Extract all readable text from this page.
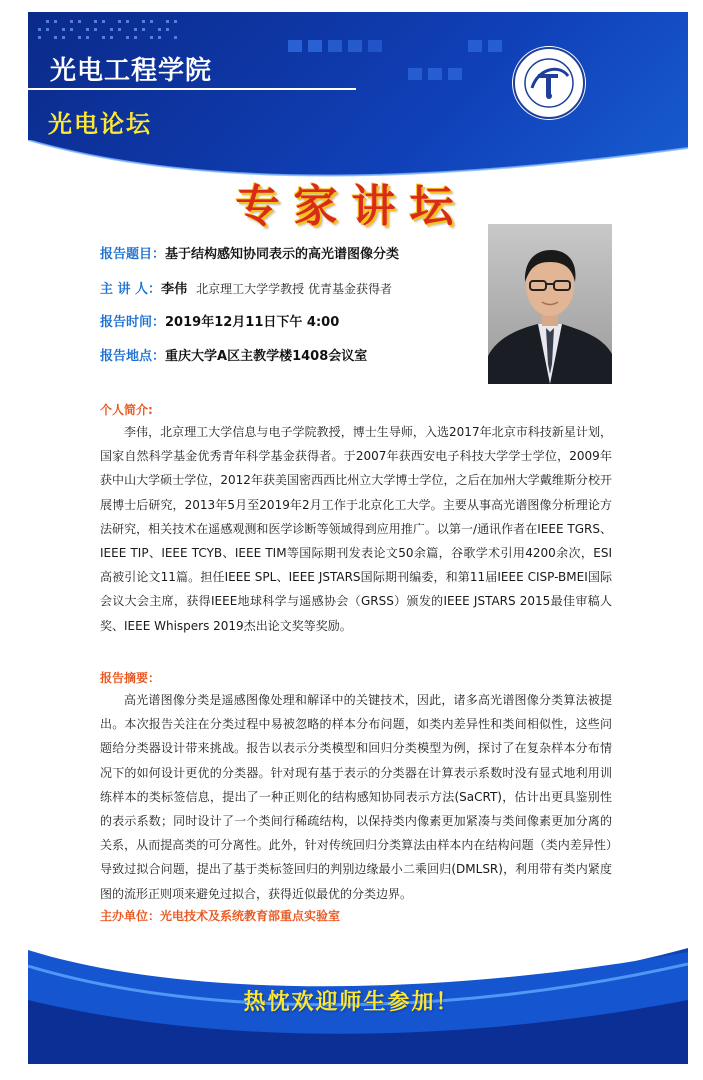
光电工程学院
光电论坛
专家讲坛
报告题目：基于结构感知协同表示的高光谱图像分类
主 讲 人：李伟 北京理工大学学教授 优青基金获得者
报告时间：2019年12月11日下午 4:00
报告地点：重庆大学A区主教学楼1408会议室
个人简介:

李伟，北京理工大学信息与电子学院教授，博士生导师，入选2017年北京市科技新星计划，国家自然科学基金优秀青年科学基金获得者。于2007年获西安电子科技大学学士学位，2009年获中山大学硕士学位，2012年获美国密西西比州立大学博士学位，之后在加州大学戴维斯分校开展博士后研究，2013年5月至2019年2月工作于北京化工大学。主要从事高光谱图像分析理论方法研究，相关技术在遥感观测和医学诊断等领域得到应用推广。以第一/通讯作者在IEEE TGRS、IEEE TIP、IEEE TCYB、IEEE TIM等国际期刊发表论文50余篇，谷歌学术引用4200余次，ESI高被引论文11篇。担任IEEE SPL、IEEE JSTARS国际期刊编委，和第11届IEEE CISP-BMEI国际会议大会主席，获得IEEE地球科学与遥感协会（GRSS）颁发的IEEE JSTARS 2015最佳审稿人奖、IEEE Whispers 2019杰出论文奖等奖励。

报告摘要：

高光谱图像分类是遥感图像处理和解译中的关键技术，因此，诸多高光谱图像分类算法被提出。本次报告关注在分类过程中易被忽略的样本分布问题，如类内差异性和类间相似性，这些问题给分类器设计带来挑战。报告以表示分类模型和回归分类模型为例，探讨了在复杂样本分布情况下的如何设计更优的分类器。针对现有基于表示的分类器在计算表示系数时没有显式地利用训练样本的类标签信息，提出了一种正则化的结构感知协同表示方法(SaCRT)，估计出更具鉴别性的表示系数；同时设计了一个类间行稀疏结构，以保持类内像素更加紧凑与类间像素更加分离的关系，从而提高类的可分离性。此外，针对传统回归分类算法由样本内在结构问题（类内差异性）导致过拟合问题，提出了基于类标签回归的判别边缘最小二乘回归(DMLSR)，利用带有类内紧度图的流形正则项来避免过拟合，获得近似最优的分类边界。

主办单位：光电技术及系统教育部重点实验室
热忱欢迎师生参加！
